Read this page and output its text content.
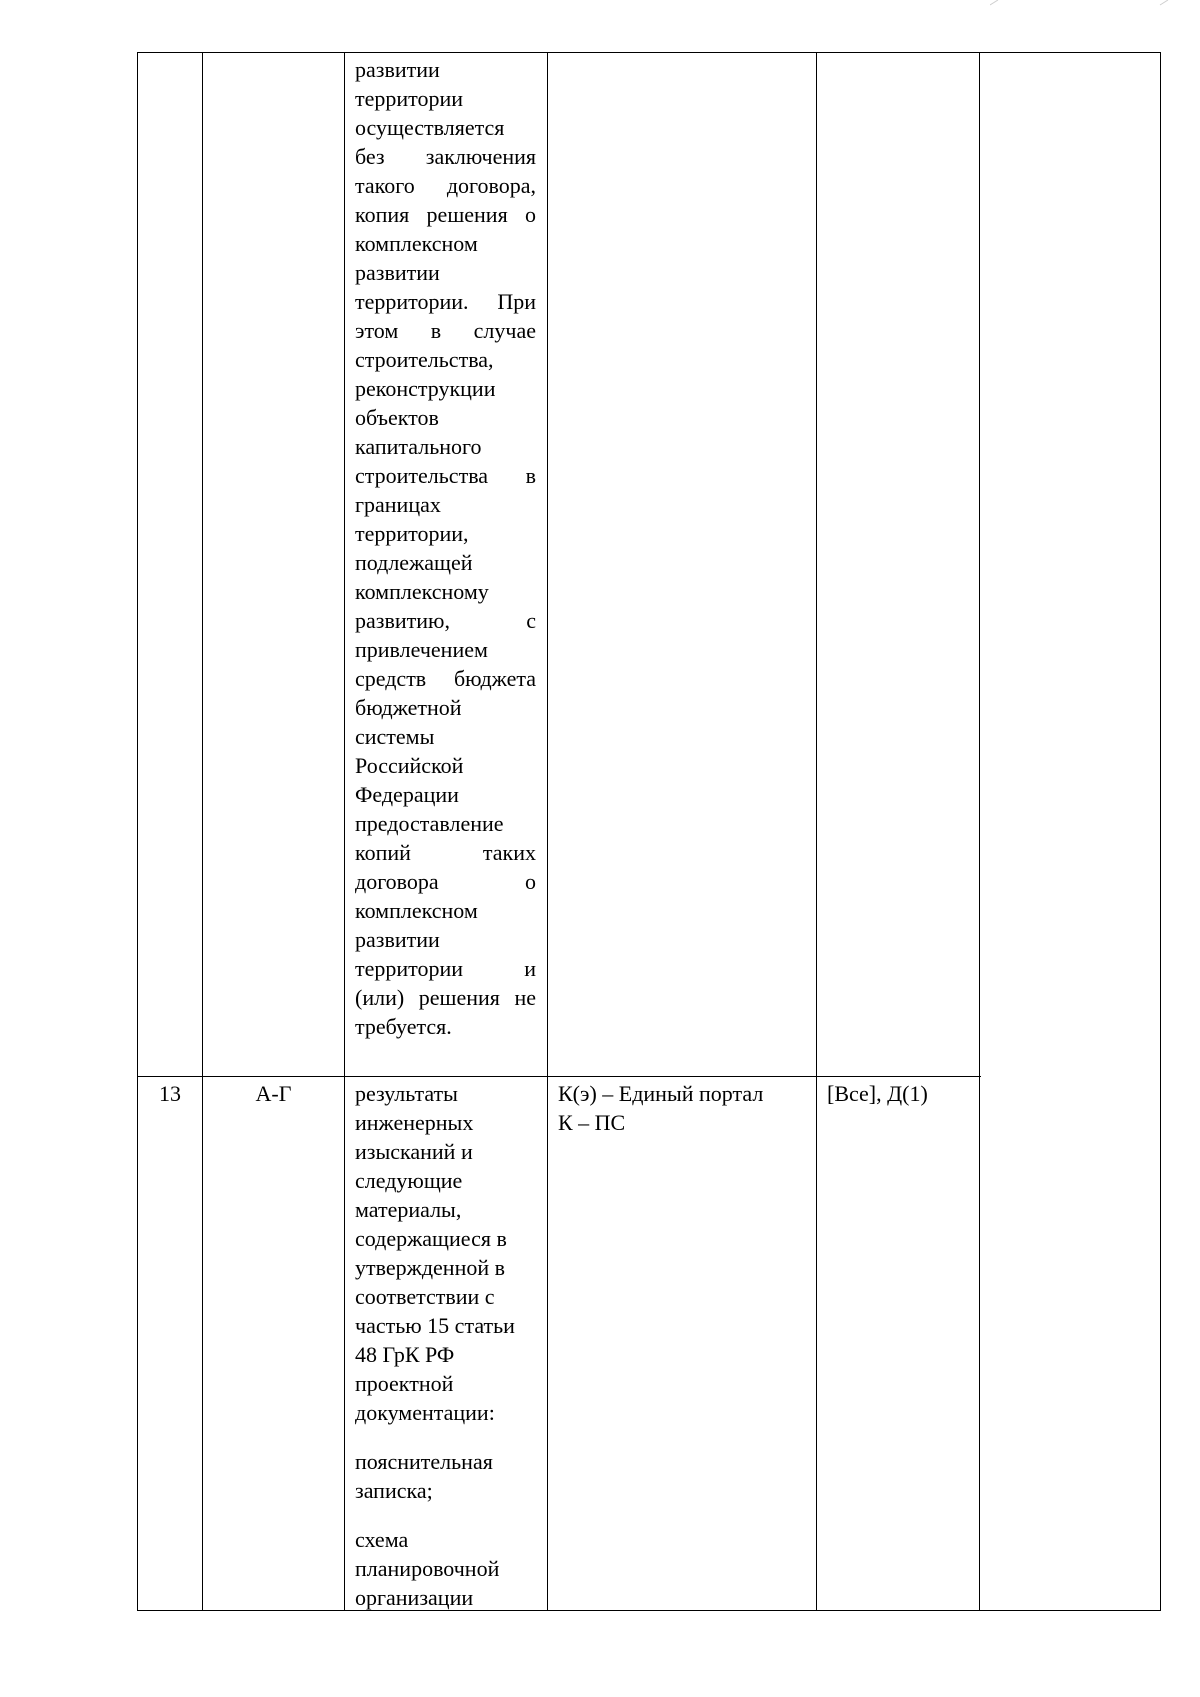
развитии
территории
осуществляется
без заключения
такого договора,
копия решения о
комплексном
развитии
территории. При
этом в случае
строительства,
реконструкции
объектов
капитального
строительства в
границах
территории,
подлежащей
комплексному
развитию, с
привлечением
средств бюджета
бюджетной
системы
Российской
Федерации
предоставление
копий таких
договора о
комплексном
развитии
территории и
(или) решения не
требуется.
13	А-Г	результаты
инженерных
изысканий и
следующие
материалы,
содержащиеся в
утвержденной в
соответствии с
частью 15 статьи
48 ГрК РФ
проектной
документации:
пояснительная
записка;
схема
планировочной
организации
К(э) – Единый портал
К – ПС
[Все], Д(1)
